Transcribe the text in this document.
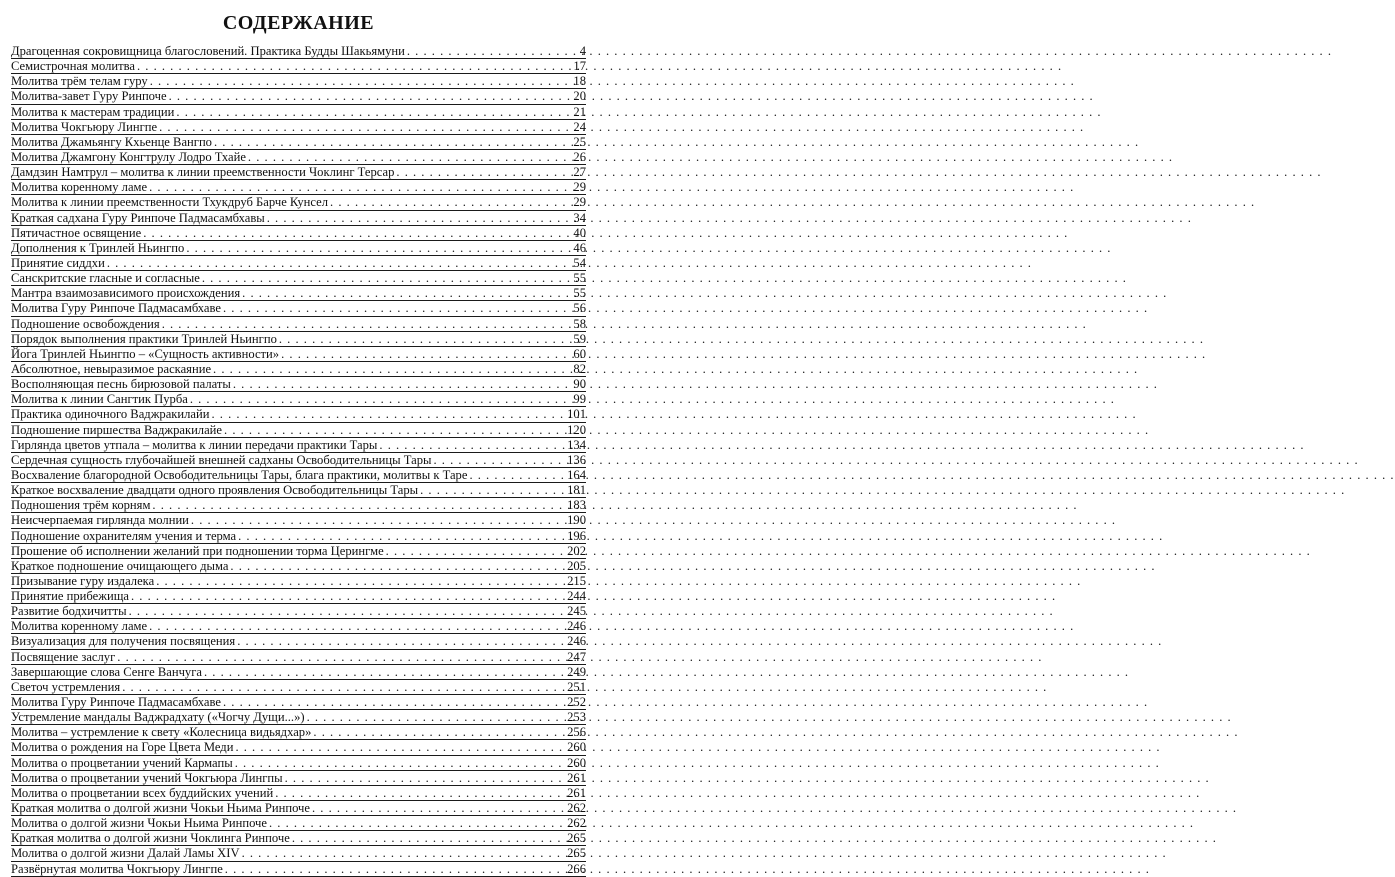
СОДЕРЖАНИЕ
Драгоценная сокровищница благословений. Практика Будды Шакьямуни . . .	4
Семистрочная молитва . . .	17
Молитва трём телам гуру . . .	18
Молитва-завет Гуру Ринпоче . . .	20
Молитва к мастерам традиции . . .	21
Молитва Чокгьюру Лингпе . . .	24
Молитва Джамьянгу Кхьенце Вангпо . . .	25
Молитва Джамгону Конгтрулу Лодро Тхайе . . .	26
Дамдзин Намтрул – молитва к линии преемственности Чоклинг Терсар . . .	27
Молитва коренному ламе . . .	29
Молитва к линии преемственности Тхукдруб Барче Кунсел . . .	29
Краткая садхана Гуру Ринпоче Падмасамбхавы . . .	34
Пятичастное освящение . . .	40
Дополнения к Тринлей Ньингпо . . .	46
Принятие сиддхи . . .	54
Санскритские гласные и согласные . . .	55
Мантра взаимозависимого происхождения . . .	55
Молитва Гуру Ринпоче Падмасамбхаве . . .	56
Подношение освобождения . . .	58
Порядок выполнения практики Тринлей Ньингпо . . .	59
Йога Тринлей Ньингпо – «Сущность активности» . . .	60
Абсолютное, невыразимое раскаяние . . .	82
Восполняющая песнь бирюзовой палаты . . .	90
Молитва к линии Сангтик Пурба . . .	99
Практика одиночного Ваджракилайи . . .	101
Подношение пиршества Ваджракилайе . . .	120
Гирлянда цветов утпала – молитва к линии передачи практики Тары . . .	134
Сердечная сущность глубочайшей внешней садханы Освободительницы Тары . . .	136
Восхваление благородной Освободительницы Тары, блага практики, молитвы к Таре . . .	164
Краткое восхваление двадцати одного проявления Освободительницы Тары . . .	181
Подношения трём корням . . .	183
Неисчерпаемая гирлянда молнии . . .	190
Подношение охранителям учения и терма . . .	196
Прошение об исполнении желаний при подношении торма Церингме . . .	202
Краткое подношение очищающего дыма . . .	205
Призывание гуру издалека . . .	215
Принятие прибежища . . .	244
Развитие бодхичитты . . .	245
Молитва коренному ламе . . .	246
Визуализация для получения посвящения . . .	246
Посвящение заслуг . . .	247
Завершающие слова Сенге Ванчуга . . .	249
Светоч устремления . . .	251
Молитва Гуру Ринпоче Падмасамбхаве . . .	252
Устремление мандалы Ваджрадхату («Чогчу Дущи...») . . .	253
Молитва – устремление к свету «Колесница видьядхар» . . .	256
Молитва о рождения на Горе Цвета Меди . . .	260
Молитва о процветании учений Кармапы . . .	260
Молитва о процветании учений Чокгьюра Лингпы . . .	261
Молитва о процветании всех буддийских учений . . .	261
Краткая молитва о долгой жизни Чокьи Ньима Ринпоче . . .	262
Молитва о долгой жизни Чокьи Ньима Ринпоче . . .	262
Краткая молитва о долгой жизни Чоклинга Ринпоче . . .	265
Молитва о долгой жизни Далай Ламы XIV . . .	265
Развёрнутая молитва Чокгьюру Лингпе . . .	266
